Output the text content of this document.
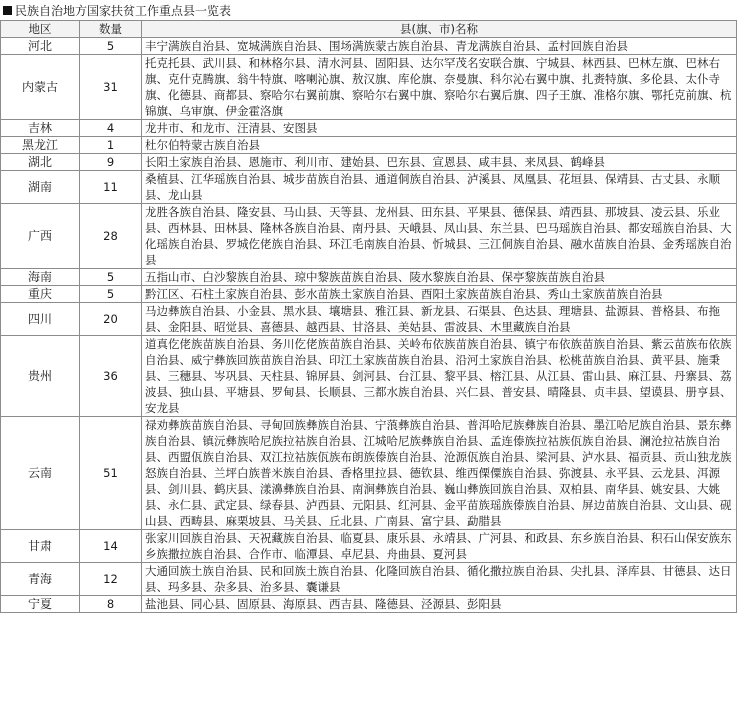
民族自治地方国家扶贫工作重点县一览表
地区	数量	县(旗、市)名称
河北	5	丰宁满族自治县、宽城满族自治县、围场满族蒙古族自治县、青龙满族自治县、孟村回族自治县
内蒙古	31	托克托县、武川县、和林格尔县、清水河县、固阳县、达尔罕茂名安联合旗、宁城县、林西县、巴林左旗、巴林右旗、克什克腾旗、翁牛特旗、喀喇沁旗、敖汉旗、库伦旗、奈曼旗、科尔沁右翼中旗、扎赉特旗、多伦县、太仆寺旗、化德县、商都县、察哈尔右翼前旗、察哈尔右翼中旗、察哈尔右翼后旗、四子王旗、准格尔旗、鄂托克前旗、杭锦旗、乌审旗、伊金霍洛旗
吉林	4	龙井市、和龙市、汪清县、安图县
黑龙江	1	杜尔伯特蒙古族自治县
湖北	9	长阳土家族自治县、恩施市、利川市、建始县、巴东县、宣恩县、咸丰县、来凤县、鹤峰县
湖南	11	桑植县、江华瑶族自治县、城步苗族自治县、通道侗族自治县、泸溪县、凤凰县、花垣县、保靖县、古丈县、永顺县、龙山县
广西	28	龙胜各族自治县、隆安县、马山县、天等县、龙州县、田东县、平果县、德保县、靖西县、那坡县、凌云县、乐业县、西林县、田林县、隆林各族自治县、南丹县、天峨县、凤山县、东兰县、巴马瑶族自治县、都安瑶族自治县、大化瑶族自治县、罗城仡佬族自治县、环江毛南族自治县、忻城县、三江侗族自治县、融水苗族自治县、金秀瑶族自治县
海南	5	五指山市、白沙黎族自治县、琼中黎族苗族自治县、陵水黎族自治县、保亭黎族苗族自治县
重庆	5	黔江区、石柱土家族自治县、彭水苗族土家族自治县、酉阳土家族苗族自治县、秀山土家族苗族自治县
四川	20	马边彝族自治县、小金县、黑水县、壤塘县、雅江县、新龙县、石渠县、色达县、理塘县、盐源县、普格县、布拖县、金阳县、昭觉县、喜德县、越西县、甘洛县、美姑县、雷波县、木里藏族自治县
贵州	36	道真仡佬族苗族自治县、务川仡佬族苗族自治县、关岭布依族苗族自治县、镇宁布依族苗族自治县、紫云苗族布依族自治县、威宁彝族回族苗族自治县、印江土家族苗族自治县、沿河土家族自治县、松桃苗族自治县、黄平县、施秉县、三穗县、岑巩县、天柱县、锦屏县、剑河县、台江县、黎平县、榕江县、从江县、雷山县、麻江县、丹寨县、荔波县、独山县、平塘县、罗甸县、长顺县、三都水族自治县、兴仁县、普安县、晴隆县、贞丰县、望谟县、册亨县、安龙县
云南	51	禄劝彝族苗族自治县、寻甸回族彝族自治县、宁蒗彝族自治县、普洱哈尼族彝族自治县、墨江哈尼族自治县、景东彝族自治县、镇沅彝族哈尼族拉祜族自治县、江城哈尼族彝族自治县、孟连傣族拉祜族佤族自治县、澜沧拉祜族自治县、西盟佤族自治县、双江拉祜族佤族布朗族傣族自治县、沧源佤族自治县、梁河县、泸水县、福贡县、贡山独龙族怒族自治县、兰坪白族普米族自治县、香格里拉县、德钦县、维西傈僳族自治县、弥渡县、永平县、云龙县、洱源县、剑川县、鹤庆县、漾濞彝族自治县、南涧彝族自治县、巍山彝族回族自治县、双柏县、南华县、姚安县、大姚县、永仁县、武定县、绿春县、泸西县、元阳县、红河县、金平苗族瑶族傣族自治县、屏边苗族自治县、文山县、砚山县、西畴县、麻栗坡县、马关县、丘北县、广南县、富宁县、勐腊县
甘肃	14	张家川回族自治县、天祝藏族自治县、临夏县、康乐县、永靖县、广河县、和政县、东乡族自治县、积石山保安族东乡族撒拉族自治县、合作市、临潭县、卓尼县、舟曲县、夏河县
青海	12	大通回族土族自治县、民和回族土族自治县、化隆回族自治县、循化撒拉族自治县、尖扎县、泽库县、甘德县、达日县、玛多县、杂多县、治多县、囊谦县
宁夏	8	盐池县、同心县、固原县、海原县、西吉县、隆德县、泾源县、彭阳县
